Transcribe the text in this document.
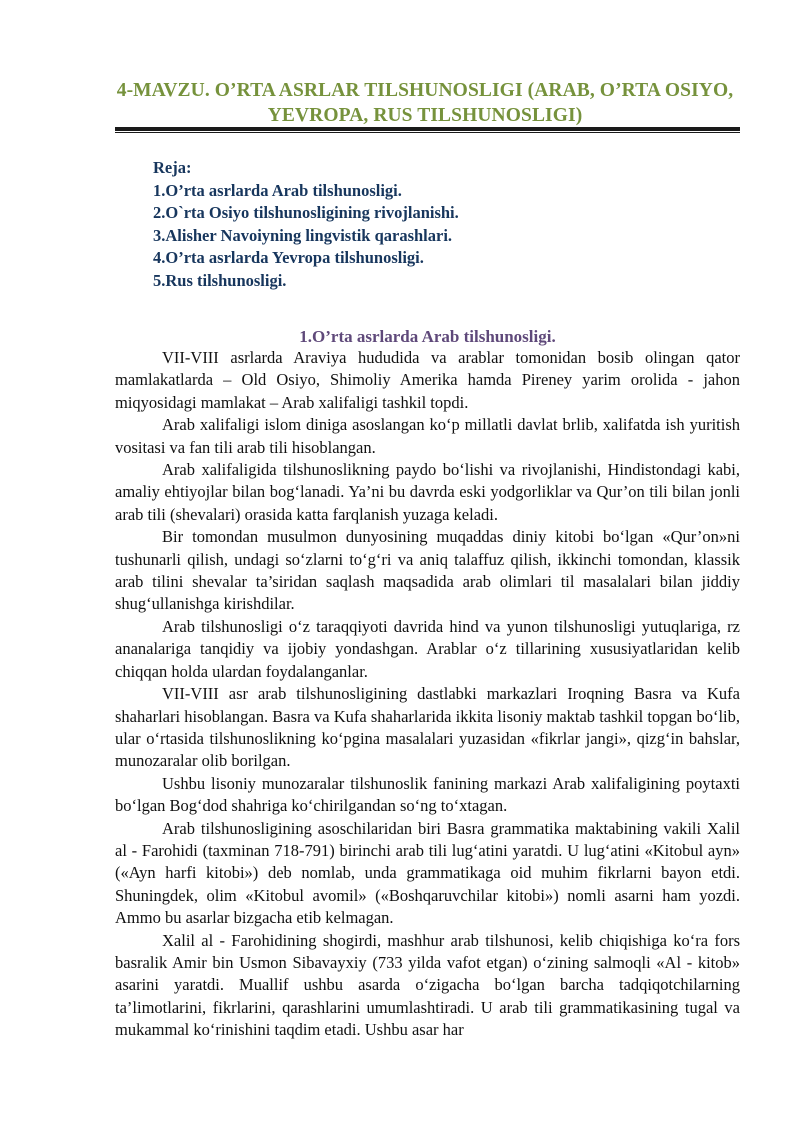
4-MAVZU. O’RTA ASRLAR TILSHUNOSLIGI (ARAB, O’RTA OSIYO, YEVROPA, RUS TILSHUNOSLIGI)
Reja:
1.O’rta asrlarda Arab tilshunosligi.
2.O`rta Osiyo tilshunosligining rivojlanishi.
3.Alisher Navoiyning lingvistik qarashlari.
4.O’rta asrlarda Yevropa tilshunosligi.
5.Rus tilshunosligi.
1.O’rta asrlarda Arab tilshunosligi.

VII-VIII asrlarda Araviya hududida va arablar tomonidan bosib olingan qator mamlakatlarda – Old Osiyo, Shimoliy Amerika hamda Pireney yarim orolida - jahon miqyosidagi mamlakat – Arab xalifaligi tashkil topdi.

Arab xalifaligi islom diniga asoslangan ko‘p millatli davlat brlib, xalifatda ish yuritish vositasi va fan tili arab tili hisoblangan.

Arab xalifaligida tilshunoslikning paydo bo‘lishi va rivojlanishi, Hindistondagi kabi, amaliy ehtiyojlar bilan bog‘lanadi. Ya’ni bu davrda eski yodgorliklar va Qur’on tili bilan jonli arab tili (shevalari) orasida katta farqlanish yuzaga keladi.

Bir tomondan musulmon dunyosining muqaddas diniy kitobi bo‘lgan «Qur’on»ni tushunarli qilish, undagi so‘zlarni to‘g‘ri va aniq talaffuz qilish, ikkinchi tomondan, klassik arab tilini shevalar ta’siridan saqlash maqsadida arab olimlari til masalalari bilan jiddiy shug‘ullanishga kirishdilar.

Arab tilshunosligi o‘z taraqqiyoti davrida hind va yunon tilshunosligi yutuqlariga, rz ananalariga tanqidiy va ijobiy yondashgan. Arablar o‘z tillarining xususiyatlaridan kelib chiqqan holda ulardan foydalanganlar.

VII-VIII asr arab tilshunosligining dastlabki markazlari Iroqning Basra va Kufa shaharlari hisoblangan. Basra va Kufa shaharlarida ikkita lisoniy maktab tashkil topgan bo‘lib, ular o‘rtasida tilshunoslikning ko‘pgina masalalari yuzasidan «fikrlar jangi», qizg‘in bahslar, munozaralar olib borilgan.

Ushbu lisoniy munozaralar tilshunoslik fanining markazi Arab xalifaligining poytaxti bo‘lgan Bog‘dod shahriga ko‘chirilgandan so‘ng to‘xtagan.

Arab tilshunosligining asoschilaridan biri Basra grammatika maktabining vakili Xalil al - Farohidi (taxminan 718-791) birinchi arab tili lug‘atini yaratdi. U lug‘atini «Kitobul ayn» («Ayn harfi kitobi») deb nomlab, unda grammatikaga oid muhim fikrlarni bayon etdi. Shuningdek, olim «Kitobul avomil» («Boshqaruvchilar kitobi») nomli asarni ham yozdi. Ammo bu asarlar bizgacha etib kelmagan.

Xalil al - Farohidining shogirdi, mashhur arab tilshunosi, kelib chiqishiga ko‘ra fors basralik Amir bin Usmon Sibavayxiy (733 yilda vafot etgan) o‘zining salmoqli «Al - kitob» asarini yaratdi. Muallif ushbu asarda o‘zigacha bo‘lgan barcha tadqiqotchilarning ta’limotlarini, fikrlarini, qarashlarini umumlashtiradi. U arab tili grammatikasining tugal va mukammal ko‘rinishini taqdim etadi. Ushbu asar har
